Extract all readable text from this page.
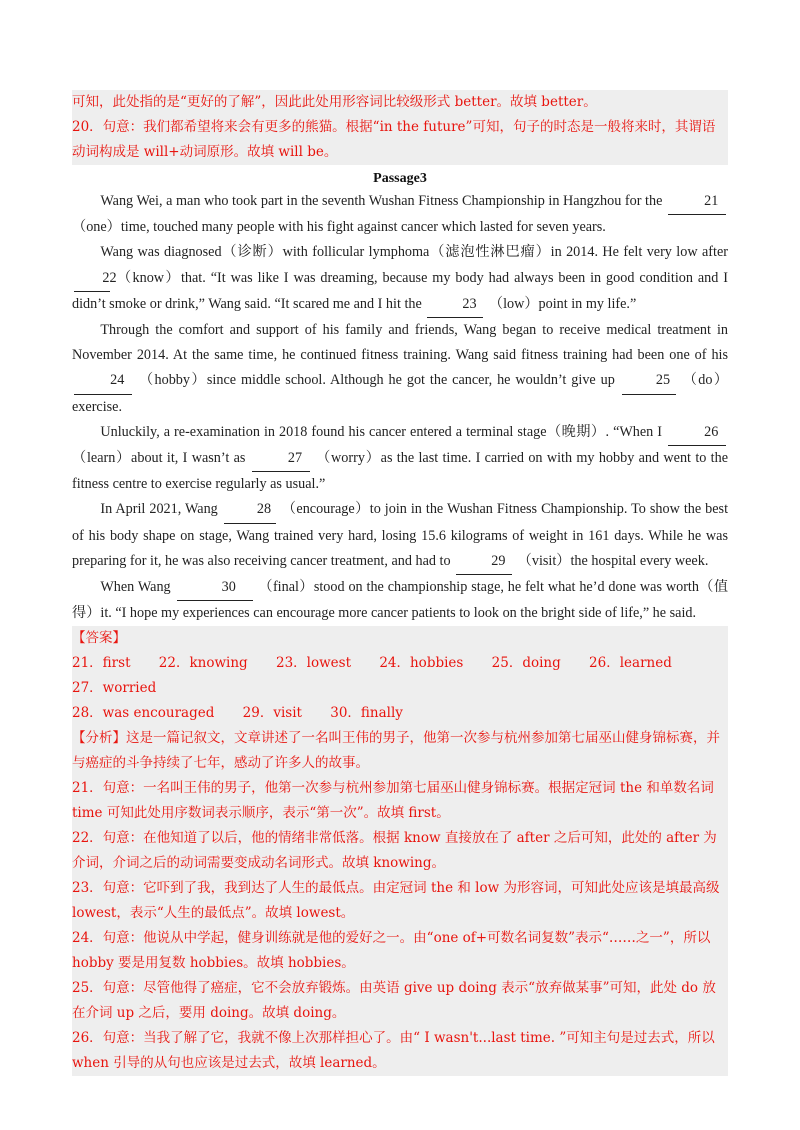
可知，此处指的是“更好的了解”，因此此处用形容词比较级形式 better。故填 better。

20．句意：我们都希望将来会有更多的熊猫。根据“in the future”可知，句子的时态是一般将来时，其谓语动词构成是 will+动词原形。故填 will be。

Passage3

Wang Wei, a man who took part in the seventh Wushan Fitness Championship in Hangzhou for the	21 （one）time, touched many people with his fight against cancer which lasted for seven years.

Wang was diagnosed（诊断）with follicular lymphoma（滤泡性淋巴瘤）in 2014. He felt very low after 22 （know）that. “It was like I was dreaming, because my body had always been in good condition and I didn’t smoke or drink,” Wang said. “It scared me and I hit the	23 （low）point in my life.”

Through the comfort and support of his family and friends, Wang began to receive medical treatment in November 2014. At the same time, he continued fitness training. Wang said fitness training had been one of his 24 （hobby）since middle school. Although he got the cancer, he wouldn’t give up	25 （do）exercise.

Unluckily, a re-examination in 2018 found his cancer entered a terminal stage（晚期）. “When I	26 （learn）about it, I wasn’t as	27 （worry）as the last time. I carried on with my hobby and went to the fitness centre to exercise regularly as usual.”

In April 2021, Wang	28 （encourage）to join in the Wushan Fitness Championship. To show the best of his body shape on stage, Wang trained very hard, losing 15.6 kilograms of weight in 161 days. While he was preparing for it, he was also receiving cancer treatment, and had to	29 （visit）the hospital every week.

When Wang	30 （final）stood on the championship stage, he felt what he’d done was worth（值得）it. “I hope my experiences can encourage more cancer patients to look on the bright side of life,” he said.

【答案】

21．first 22．knowing 23．lowest 24．hobbies 25．doing 26．learned 27．worried

28．was encouraged 29．visit 30．finally

【分析】这是一篇记叙文，文章讲述了一名叫王伟的男子，他第一次参与杭州参加第七届巫山健身锦标赛，并与癌症的斗争持续了七年，感动了许多人的故事。

21．句意：一名叫王伟的男子，他第一次参与杭州参加第七届巫山健身锦标赛。根据定冠词 the 和单数名词 time 可知此处用序数词表示顺序，表示“第一次”。故填 first。

22．句意：在他知道了以后，他的情绪非常低落。根据 know 直接放在了 after 之后可知，此处的 after 为介词，介词之后的动词需要变成动名词形式。故填 knowing。

23．句意：它吓到了我，我到达了人生的最低点。由定冠词 the 和 low 为形容词，可知此处应该是填最高级 lowest，表示“人生的最低点”。故填 lowest。

24．句意：他说从中学起，健身训练就是他的爱好之一。由“one of+可数名词复数”表示“……之一”，所以 hobby 要是用复数 hobbies。故填 hobbies。

25．句意：尽管他得了癌症，它不会放弃锻炼。由英语 give up doing 表示“放弃做某事”可知，此处 do 放在介词 up 之后，要用 doing。故填 doing。

26．句意：当我了解了它，我就不像上次那样担心了。由“ I wasn't...last time. ”可知主句是过去式，所以 when 引导的从句也应该是过去式，故填 learned。
